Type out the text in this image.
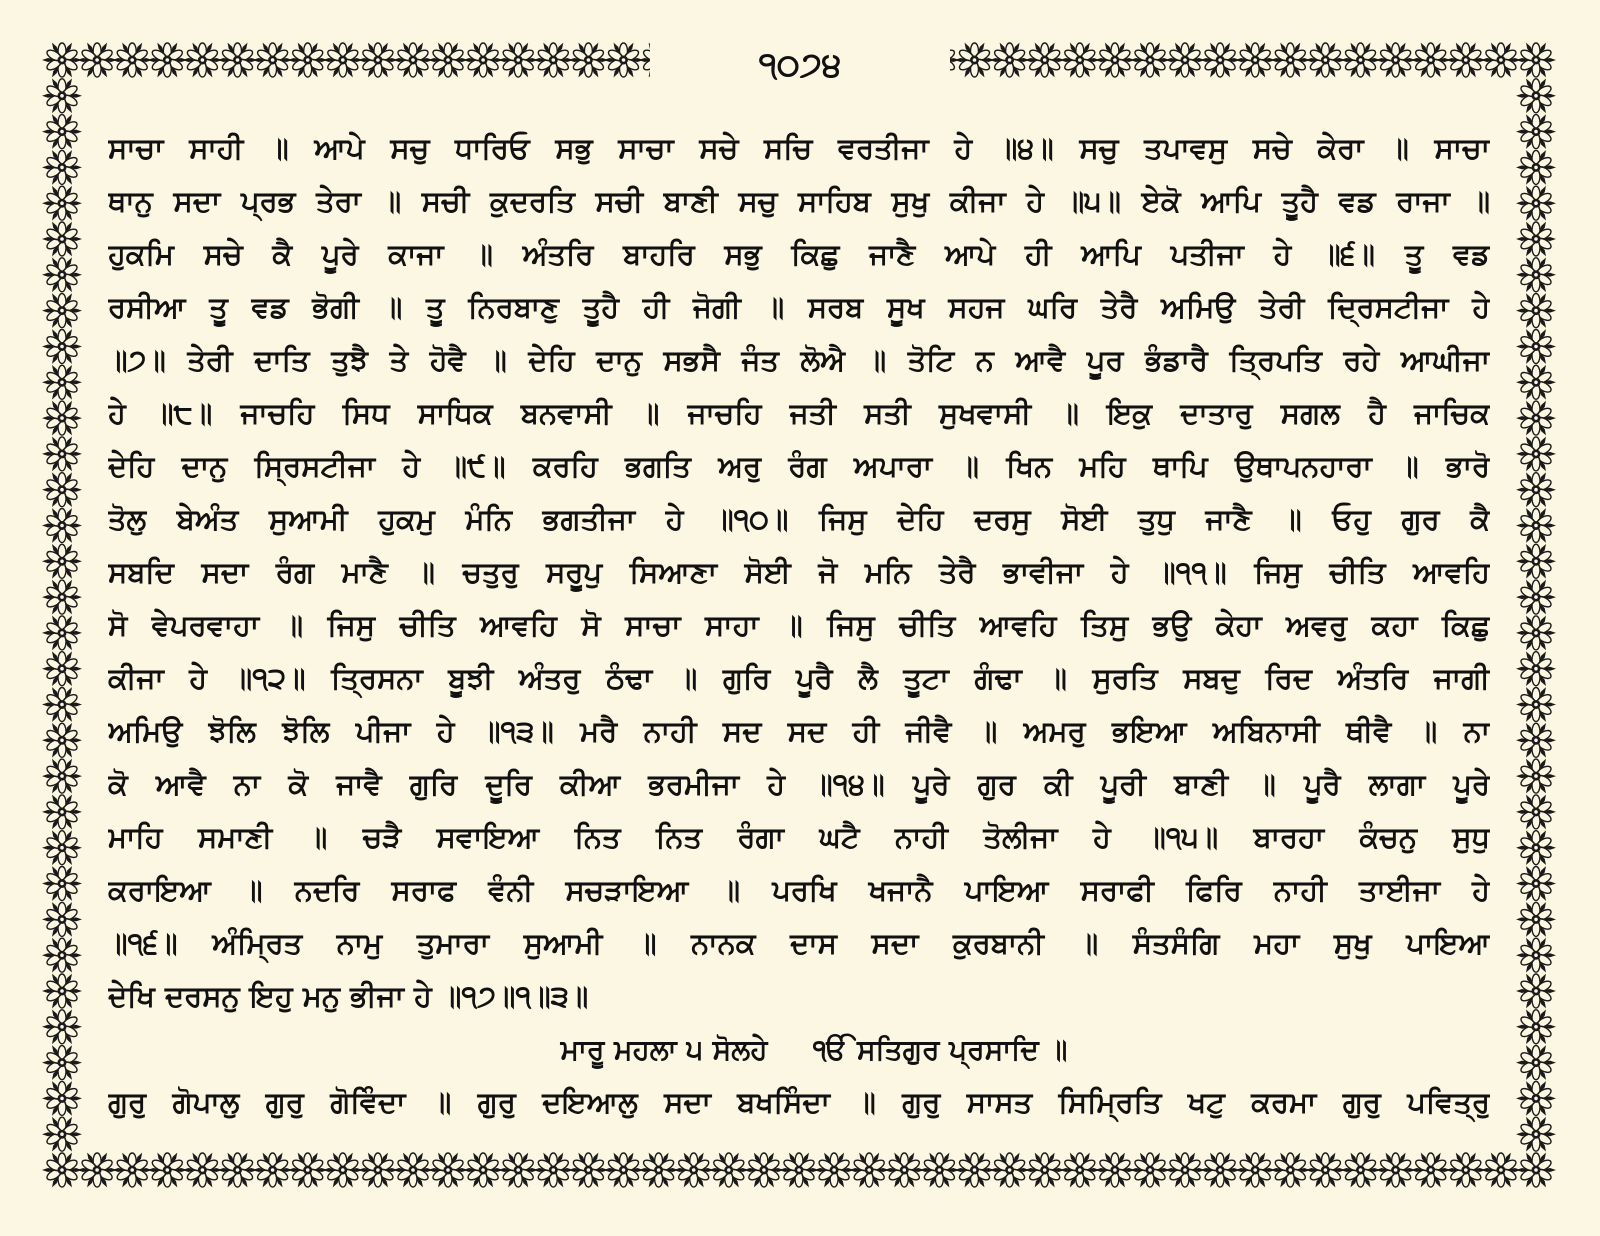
੧੦੭੪
ਸਾਚਾ ਸਾਹੀ ॥ ਆਪੇ ਸਚੁ ਧਾਰਿਓ ਸਭੁ ਸਾਚਾ ਸਚੇ ਸਚਿ ਵਰਤੀਜਾ ਹੇ ॥੪॥ ਸਚੁ ਤਪਾਵਸੁ ਸਚੇ ਕੇਰਾ ॥ ਸਾਚਾ
ਥਾਨੁ ਸਦਾ ਪ੍ਰਭ ਤੇਰਾ ॥ ਸਚੀ ਕੁਦਰਤਿ ਸਚੀ ਬਾਣੀ ਸਚੁ ਸਾਹਿਬ ਸੁਖੁ ਕੀਜਾ ਹੇ ॥੫॥ ਏਕੋ ਆਪਿ ਤੂਹੈ ਵਡ ਰਾਜਾ ॥
ਹੁਕਮਿ ਸਚੇ ਕੈ ਪੂਰੇ ਕਾਜਾ ॥ ਅੰਤਰਿ ਬਾਹਰਿ ਸਭੁ ਕਿਛੁ ਜਾਣੈ ਆਪੇ ਹੀ ਆਪਿ ਪਤੀਜਾ ਹੇ ॥੬॥ ਤੂ ਵਡ
ਰਸੀਆ ਤੂ ਵਡ ਭੋਗੀ ॥ ਤੂ ਨਿਰਬਾਣੁ ਤੂਹੈ ਹੀ ਜੋਗੀ ॥ ਸਰਬ ਸੂਖ ਸਹਜ ਘਰਿ ਤੇਰੈ ਅਮਿਉ ਤੇਰੀ ਦ੍ਰਿਸਟੀਜਾ ਹੇ
॥੭॥ ਤੇਰੀ ਦਾਤਿ ਤੁਝੈ ਤੇ ਹੋਵੈ ॥ ਦੇਹਿ ਦਾਨੁ ਸਭਸੈ ਜੰਤ ਲੋਐ ॥ ਤੋਟਿ ਨ ਆਵੈ ਪੂਰ ਭੰਡਾਰੈ ਤ੍ਰਿਪਤਿ ਰਹੇ ਆਘੀਜਾ
ਹੇ ॥੮॥ ਜਾਚਹਿ ਸਿਧ ਸਾਧਿਕ ਬਨਵਾਸੀ ॥ ਜਾਚਹਿ ਜਤੀ ਸਤੀ ਸੁਖਵਾਸੀ ॥ ਇਕੁ ਦਾਤਾਰੁ ਸਗਲ ਹੈ ਜਾਚਿਕ
ਦੇਹਿ ਦਾਨੁ ਸ੍ਰਿਸਟੀਜਾ ਹੇ ॥੯॥ ਕਰਹਿ ਭਗਤਿ ਅਰੁ ਰੰਗ ਅਪਾਰਾ ॥ ਖਿਨ ਮਹਿ ਥਾਪਿ ਉਥਾਪਨਹਾਰਾ ॥ ਭਾਰੋ
ਤੋਲੁ ਬੇਅੰਤ ਸੁਆਮੀ ਹੁਕਮੁ ਮੰਨਿ ਭਗਤੀਜਾ ਹੇ ॥੧੦॥ ਜਿਸੁ ਦੇਹਿ ਦਰਸੁ ਸੋਈ ਤੁਧੁ ਜਾਣੈ ॥ ਓਹੁ ਗੁਰ ਕੈ
ਸਬਦਿ ਸਦਾ ਰੰਗ ਮਾਣੈ ॥ ਚਤੁਰੁ ਸਰੂਪੁ ਸਿਆਣਾ ਸੋਈ ਜੋ ਮਨਿ ਤੇਰੈ ਭਾਵੀਜਾ ਹੇ ॥੧੧॥ ਜਿਸੁ ਚੀਤਿ ਆਵਹਿ
ਸੋ ਵੇਪਰਵਾਹਾ ॥ ਜਿਸੁ ਚੀਤਿ ਆਵਹਿ ਸੋ ਸਾਚਾ ਸਾਹਾ ॥ ਜਿਸੁ ਚੀਤਿ ਆਵਹਿ ਤਿਸੁ ਭਉ ਕੇਹਾ ਅਵਰੁ ਕਹਾ ਕਿਛੁ
ਕੀਜਾ ਹੇ ॥੧੨॥ ਤ੍ਰਿਸਨਾ ਬੂਝੀ ਅੰਤਰੁ ਠੰਢਾ ॥ ਗੁਰਿ ਪੂਰੈ ਲੈ ਤੂਟਾ ਗੰਢਾ ॥ ਸੁਰਤਿ ਸਬਦੁ ਰਿਦ ਅੰਤਰਿ ਜਾਗੀ
ਅਮਿਉ ਝੋਲਿ ਝੋਲਿ ਪੀਜਾ ਹੇ ॥੧੩॥ ਮਰੈ ਨਾਹੀ ਸਦ ਸਦ ਹੀ ਜੀਵੈ ॥ ਅਮਰੁ ਭਇਆ ਅਬਿਨਾਸੀ ਥੀਵੈ ॥ ਨਾ
ਕੋ ਆਵੈ ਨਾ ਕੋ ਜਾਵੈ ਗੁਰਿ ਦੂਰਿ ਕੀਆ ਭਰਮੀਜਾ ਹੇ ॥੧੪॥ ਪੂਰੇ ਗੁਰ ਕੀ ਪੂਰੀ ਬਾਣੀ ॥ ਪੂਰੈ ਲਾਗਾ ਪੂਰੇ
ਮਾਹਿ ਸਮਾਣੀ ॥ ਚੜੈ ਸਵਾਇਆ ਨਿਤ ਨਿਤ ਰੰਗਾ ਘਟੈ ਨਾਹੀ ਤੋਲੀਜਾ ਹੇ ॥੧੫॥ ਬਾਰਹਾ ਕੰਚਨੁ ਸੁਧੁ
ਕਰਾਇਆ ॥ ਨਦਰਿ ਸਰਾਫ ਵੰਨੀ ਸਚੜਾਇਆ ॥ ਪਰਖਿ ਖਜਾਨੈ ਪਾਇਆ ਸਰਾਫੀ ਫਿਰਿ ਨਾਹੀ ਤਾਈਜਾ ਹੇ
॥੧੬॥ ਅੰਮ੍ਰਿਤ ਨਾਮੁ ਤੁਮਾਰਾ ਸੁਆਮੀ ॥ ਨਾਨਕ ਦਾਸ ਸਦਾ ਕੁਰਬਾਨੀ ॥ ਸੰਤਸੰਗਿ ਮਹਾ ਸੁਖੁ ਪਾਇਆ
ਦੇਖਿ ਦਰਸਨੁ ਇਹੁ ਮਨੁ ਭੀਜਾ ਹੇ ॥੧੭॥੧॥੩॥
ਮਾਰੂ ਮਹਲਾ ੫ ਸੋਲਹੇ ੴ ਸਤਿਗੁਰ ਪ੍ਰਸਾਦਿ ॥
ਗੁਰੁ ਗੋਪਾਲੁ ਗੁਰੁ ਗੋਵਿੰਦਾ ॥ ਗੁਰੁ ਦਇਆਲੁ ਸਦਾ ਬਖਸਿੰਦਾ ॥ ਗੁਰੁ ਸਾਸਤ ਸਿਮ੍ਰਿਤਿ ਖਟੁ ਕਰਮਾ ਗੁਰੁ ਪਵਿਤ੍ਰੁ
